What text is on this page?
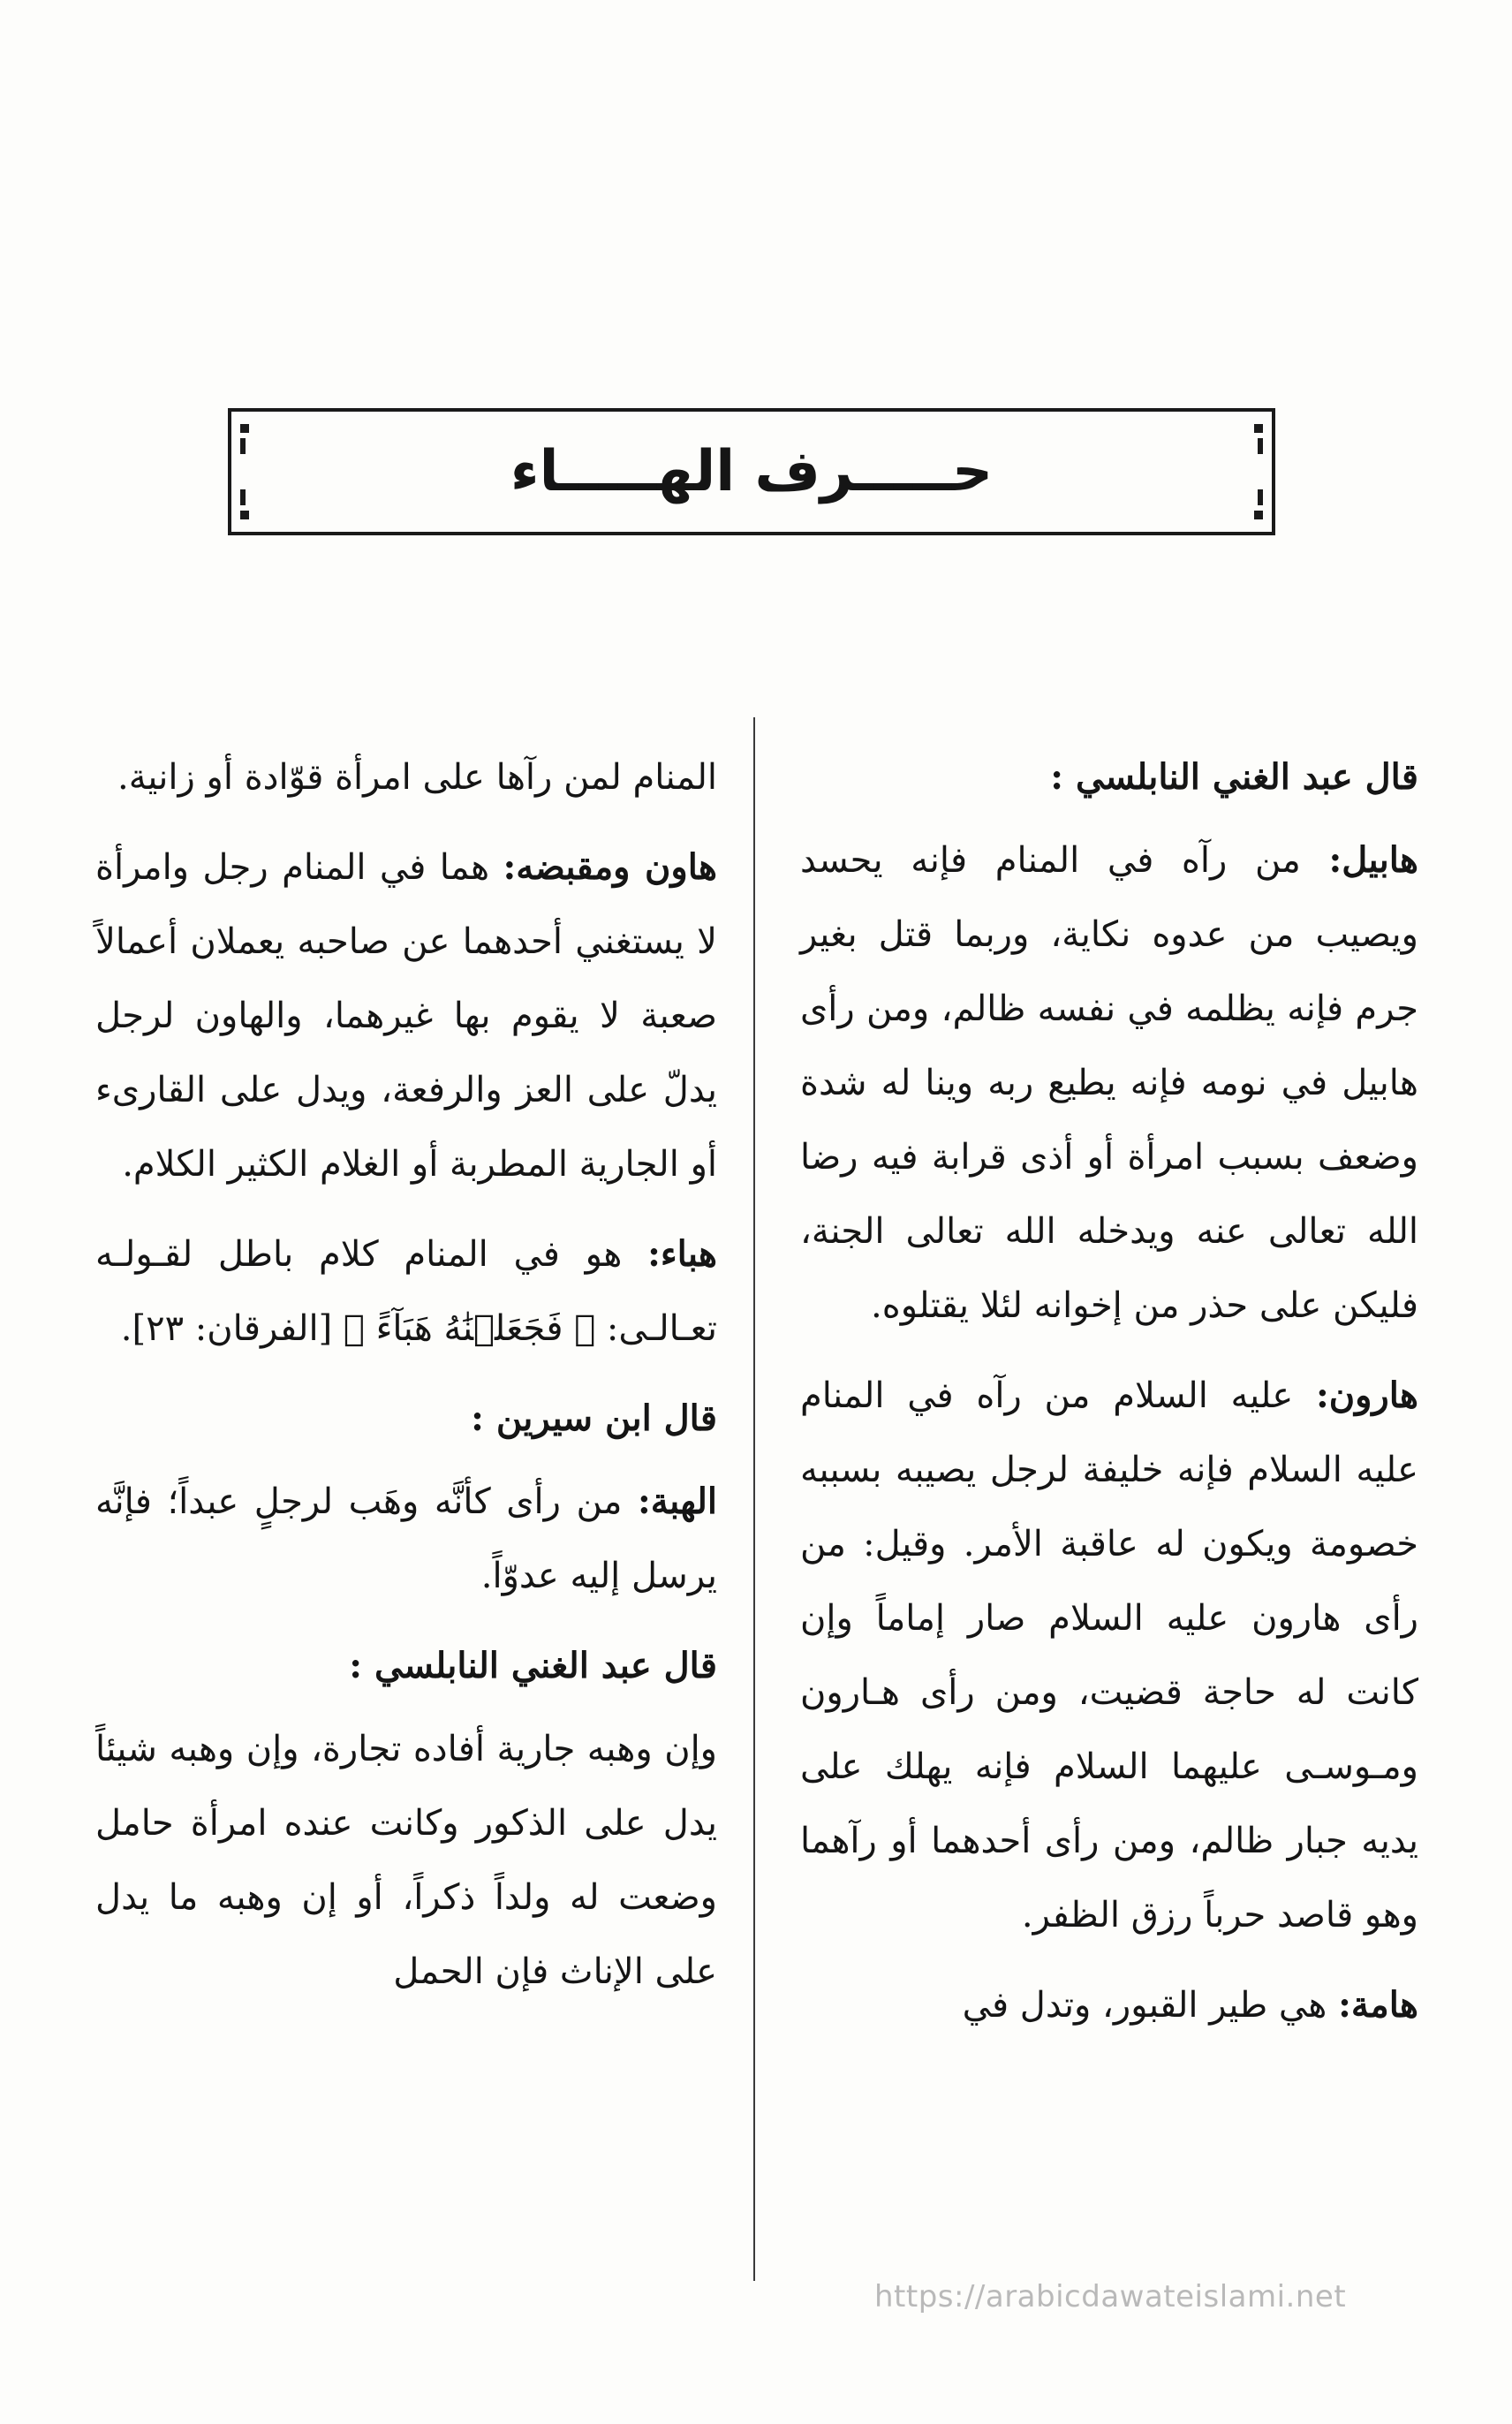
حـــــرف الهـــــاء

قال عبد الغني النابلسي :

هابيل: من رآه في المنام فإنه يحسد ويصيب من عدوه نكاية، وربما قتل بغير جرم فإنه يظلمه في نفسه ظالم، ومن رأى هابيل في نومه فإنه يطيع ربه وينا له شدة وضعف بسبب امرأة أو أذى قرابة فيه رضا الله تعالى عنه ويدخله الله تعالى الجنة، فليكن على حذر من إخوانه لئلا يقتلوه.

هارون: عليه السلام من رآه في المنام عليه السلام فإنه خليفة لرجل يصيبه بسببه خصومة ويكون له عاقبة الأمر. وقيل: من رأى هارون عليه السلام صار إماماً وإن كانت له حاجة قضيت، ومن رأى هـارون ومـوسـى عليهما السلام فإنه يهلك على يديه جبار ظالم، ومن رأى أحدهما أو رآهما وهو قاصد حرباً رزق الظفر.

هامة: هي طير القبور، وتدل في

المنام لمن رآها على امرأة قوّادة أو زانية.

هاون ومقبضه: هما في المنام رجل وامرأة لا يستغني أحدهما عن صاحبه يعملان أعمالاً صعبة لا يقوم بها غيرهما، والهاون لرجل يدلّ على العز والرفعة، ويدل على القارىء أو الجارية المطربة أو الغلام الكثير الكلام.

هباء: هو في المنام كلام باطل لقـولـه تعـالـى: ﴿ فَجَعَلۡنَٰهُ هَبَآءً ﴾ [الفرقان: ٢٣].

قال ابن سيرين :

الهبة: من رأى كأنَّه وهَب لرجلٍ عبداً؛ فإنَّه يرسل إليه عدوّاً.

قال عبد الغني النابلسي :

وإن وهبه جارية أفاده تجارة، وإن وهبه شيئاً يدل على الذكور وكانت عنده امرأة حامل وضعت له ولداً ذكراً، أو إن وهبه ما يدل على الإناث فإن الحمل

https://arabicdawateislami.net
